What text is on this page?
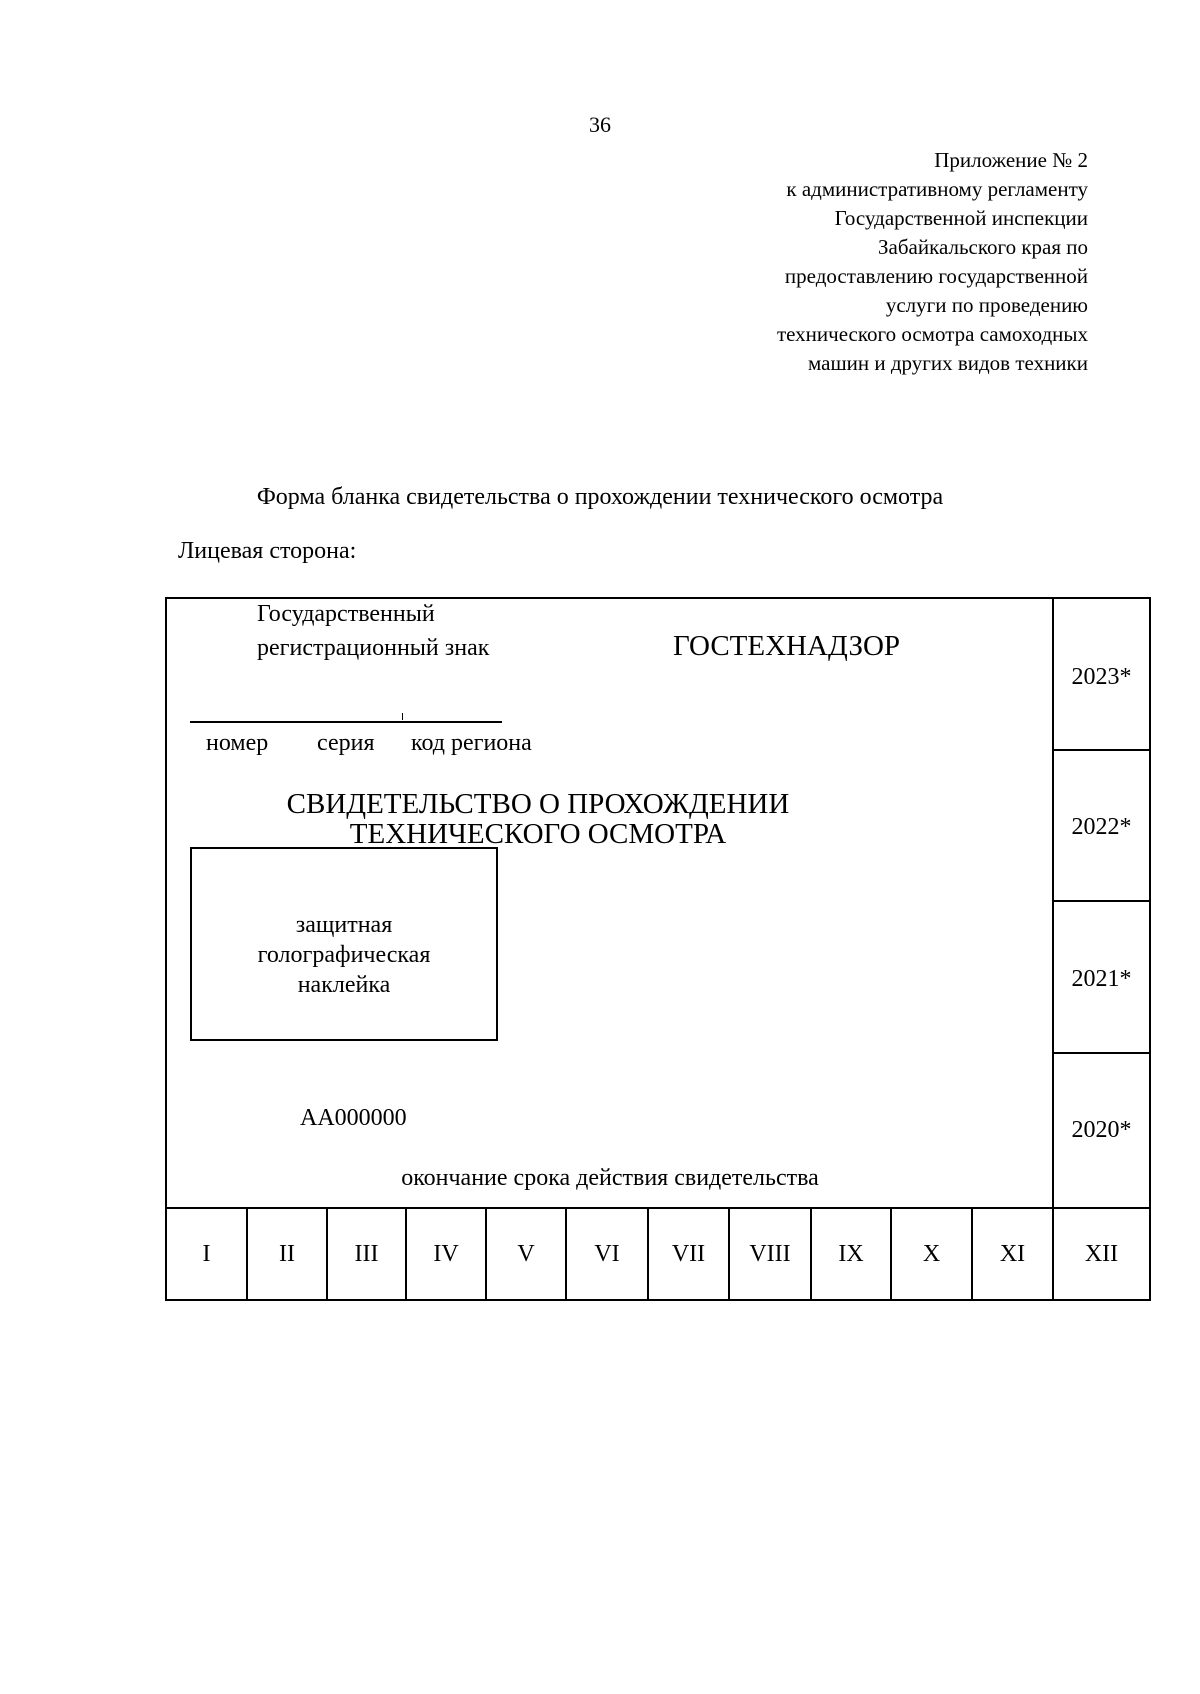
36
Приложение № 2
к административному регламенту
Государственной инспекции
Забайкальского края по
предоставлению государственной
услуги по проведению
технического осмотра самоходных
машин и других видов техники
Форма бланка свидетельства о прохождении технического осмотра
Лицевая сторона:
Государственный
регистрационный знак	ГОСТЕХНАДЗОР
номер серия код региона
СВИДЕТЕЛЬСТВО О ПРОХОЖДЕНИИ
ТЕХНИЧЕСКОГО ОСМОТРА
защитная
голографическая
наклейка
АА000000
окончание срока действия свидетельства
2023*
2022*
2021*
2020*
I	II	III	IV	V	VI	VII	VIII	IX	X	XI	XII
